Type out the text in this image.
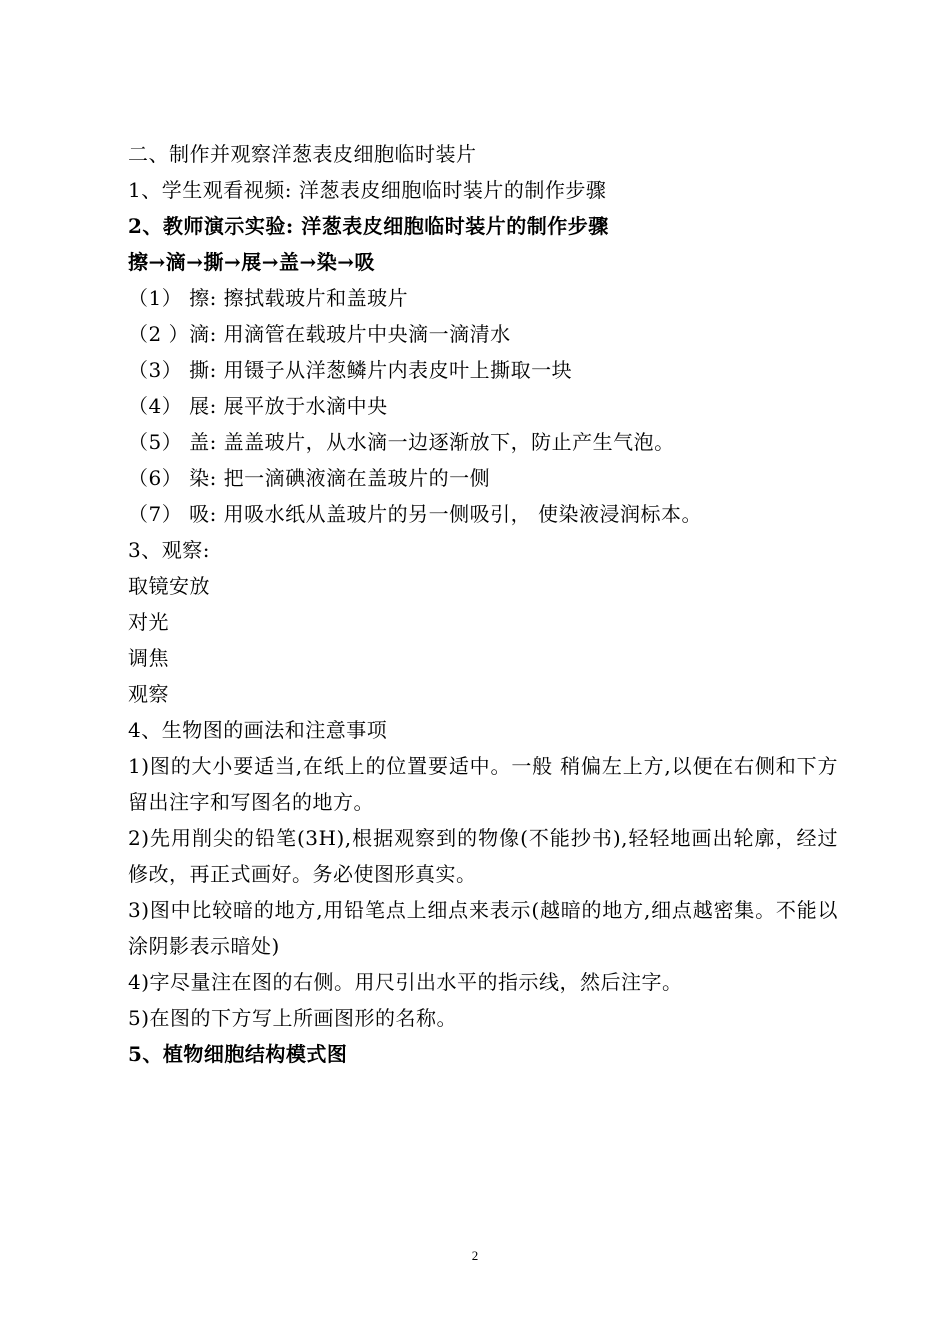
二、制作并观察洋葱表皮细胞临时装片
1、学生观看视频: 洋葱表皮细胞临时装片的制作步骤
2、教师演示实验: 洋葱表皮细胞临时装片的制作步骤
擦→滴→撕→展→盖→染→吸
（1） 擦: 擦拭载玻片和盖玻片
（2 ）滴: 用滴管在载玻片中央滴一滴清水
（3） 撕: 用镊子从洋葱鳞片内表皮叶上撕取一块
（4） 展: 展平放于水滴中央
（5） 盖: 盖盖玻片，从水滴一边逐渐放下，防止产生气泡。
（6） 染: 把一滴碘液滴在盖玻片的一侧
（7） 吸: 用吸水纸从盖玻片的另一侧吸引， 使染液浸润标本。
3、观察:
取镜安放
对光
调焦
观察
4、生物图的画法和注意事项
1)图的大小要适当,在纸上的位置要适中。一般 稍偏左上方,以便在右侧和下方留出注字和写图名的地方。
2)先用削尖的铅笔(3H),根据观察到的物像(不能抄书),轻轻地画出轮廓，经过修改，再正式画好。务必使图形真实。
3)图中比较暗的地方,用铅笔点上细点来表示(越暗的地方,细点越密集。不能以涂阴影表示暗处)
4)字尽量注在图的右侧。用尺引出水平的指示线，然后注字。
5)在图的下方写上所画图形的名称。
5、植物细胞结构模式图
2
